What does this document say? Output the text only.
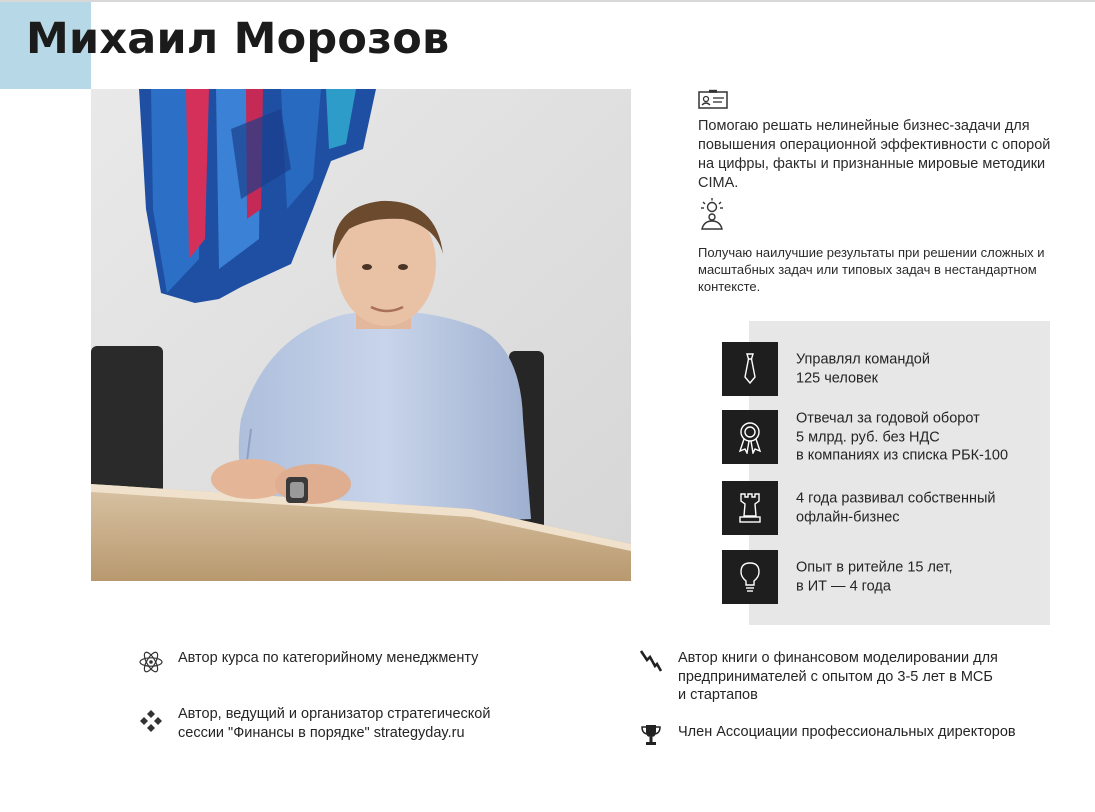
Михаил Морозов
Помогаю решать нелинейные бизнес-задачи для повышения операционной эффективности с опорой на цифры, факты и признанные мировые методики CIMA.
Получаю наилучшие результаты при решении сложных и масштабных задач или типовых задач в нестандартном контексте.
Управлял командой
125 человек
Отвечал за годовой оборот
5 млрд. руб. без НДС
в компаниях из списка РБК-100
4 года развивал собственный
офлайн-бизнес
Опыт в ритейле 15 лет,
в ИТ — 4 года
Автор курса по категорийному менеджменту
Автор, ведущий и организатор стратегической
сессии "Финансы в порядке" strategyday.ru
Автор книги о финансовом моделировании для
предпринимателей с опытом до 3-5 лет в МСБ
и стартапов
Член Ассоциации профессиональных директоров
